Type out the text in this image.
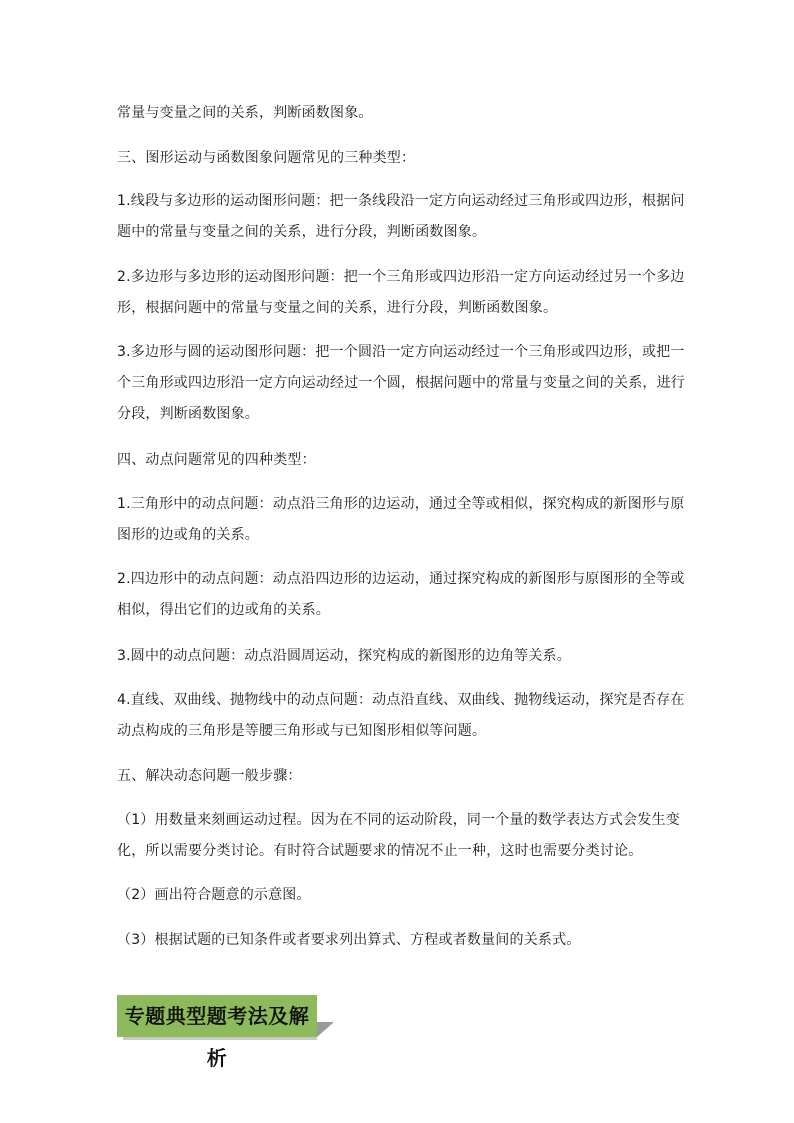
常量与变量之间的关系，判断函数图象。
三、图形运动与函数图象问题常见的三种类型：
1.线段与多边形的运动图形问题：把一条线段沿一定方向运动经过三角形或四边形，根据问
题中的常量与变量之间的关系，进行分段，判断函数图象。
2.多边形与多边形的运动图形问题：把一个三角形或四边形沿一定方向运动经过另一个多边
形，根据问题中的常量与变量之间的关系，进行分段，判断函数图象。
3.多边形与圆的运动图形问题：把一个圆沿一定方向运动经过一个三角形或四边形，或把一
个三角形或四边形沿一定方向运动经过一个圆，根据问题中的常量与变量之间的关系，进行
分段，判断函数图象。
四、动点问题常见的四种类型：
1.三角形中的动点问题：动点沿三角形的边运动，通过全等或相似，探究构成的新图形与原
图形的边或角的关系。
2.四边形中的动点问题：动点沿四边形的边运动，通过探究构成的新图形与原图形的全等或
相似，得出它们的边或角的关系。
3.圆中的动点问题：动点沿圆周运动，探究构成的新图形的边角等关系。
4.直线、双曲线、抛物线中的动点问题：动点沿直线、双曲线、抛物线运动，探究是否存在
动点构成的三角形是等腰三角形或与已知图形相似等问题。
五、解决动态问题一般步骤：
（1）用数量来刻画运动过程。因为在不同的运动阶段，同一个量的数学表达方式会发生变
化，所以需要分类讨论。有时符合试题要求的情况不止一种，这时也需要分类讨论。
（2）画出符合题意的示意图。
（3）根据试题的已知条件或者要求列出算式、方程或者数量间的关系式。
专题典型题考法及解析
